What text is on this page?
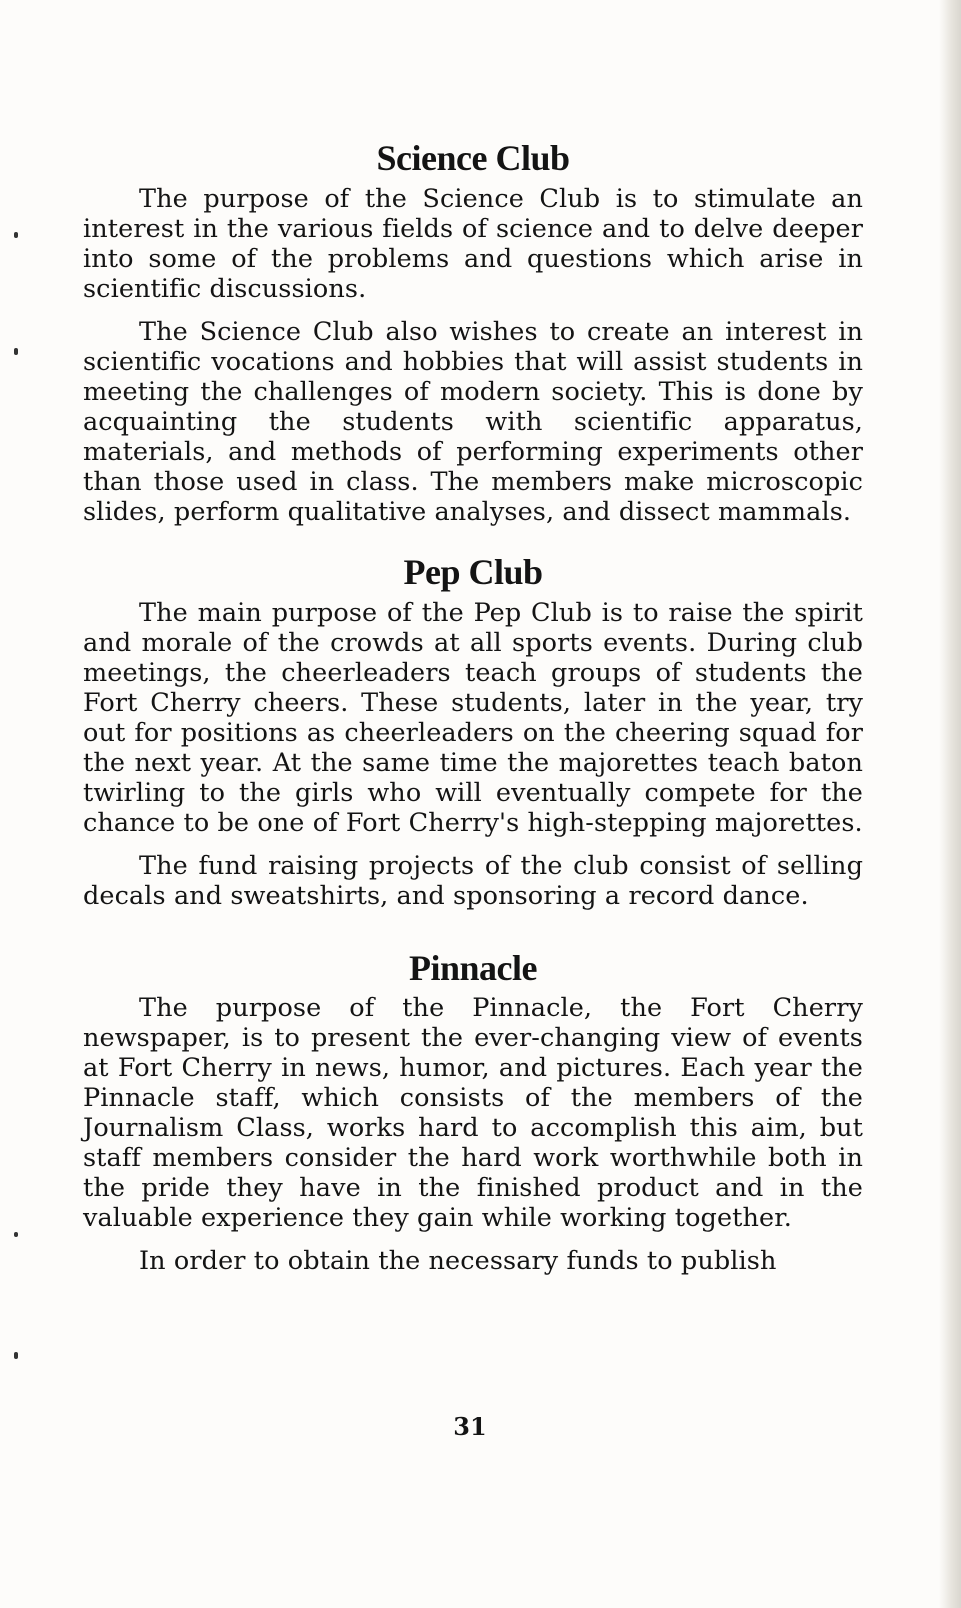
Science Club

The purpose of the Science Club is to stimulate an interest in the various fields of science and to delve deeper into some of the problems and questions which arise in scientific discussions.

The Science Club also wishes to create an interest in scientific vocations and hobbies that will assist students in meeting the challenges of modern society. This is done by acquainting the students with scientific apparatus, materials, and methods of performing experiments other than those used in class. The members make microscopic slides, perform qualitative analyses, and dissect mammals.

Pep Club

The main purpose of the Pep Club is to raise the spirit and morale of the crowds at all sports events. During club meetings, the cheerleaders teach groups of students the Fort Cherry cheers. These students, later in the year, try out for positions as cheerleaders on the cheering squad for the next year. At the same time the majorettes teach baton twirling to the girls who will eventually compete for the chance to be one of Fort Cherry's high-stepping majorettes.

The fund raising projects of the club consist of selling decals and sweatshirts, and sponsoring a record dance.

Pinnacle

The purpose of the Pinnacle, the Fort Cherry newspaper, is to present the ever-changing view of events at Fort Cherry in news, humor, and pictures. Each year the Pinnacle staff, which consists of the members of the Journalism Class, works hard to accomplish this aim, but staff members consider the hard work worthwhile both in the pride they have in the finished product and in the valuable experience they gain while working together.

In order to obtain the necessary funds to publish

31
